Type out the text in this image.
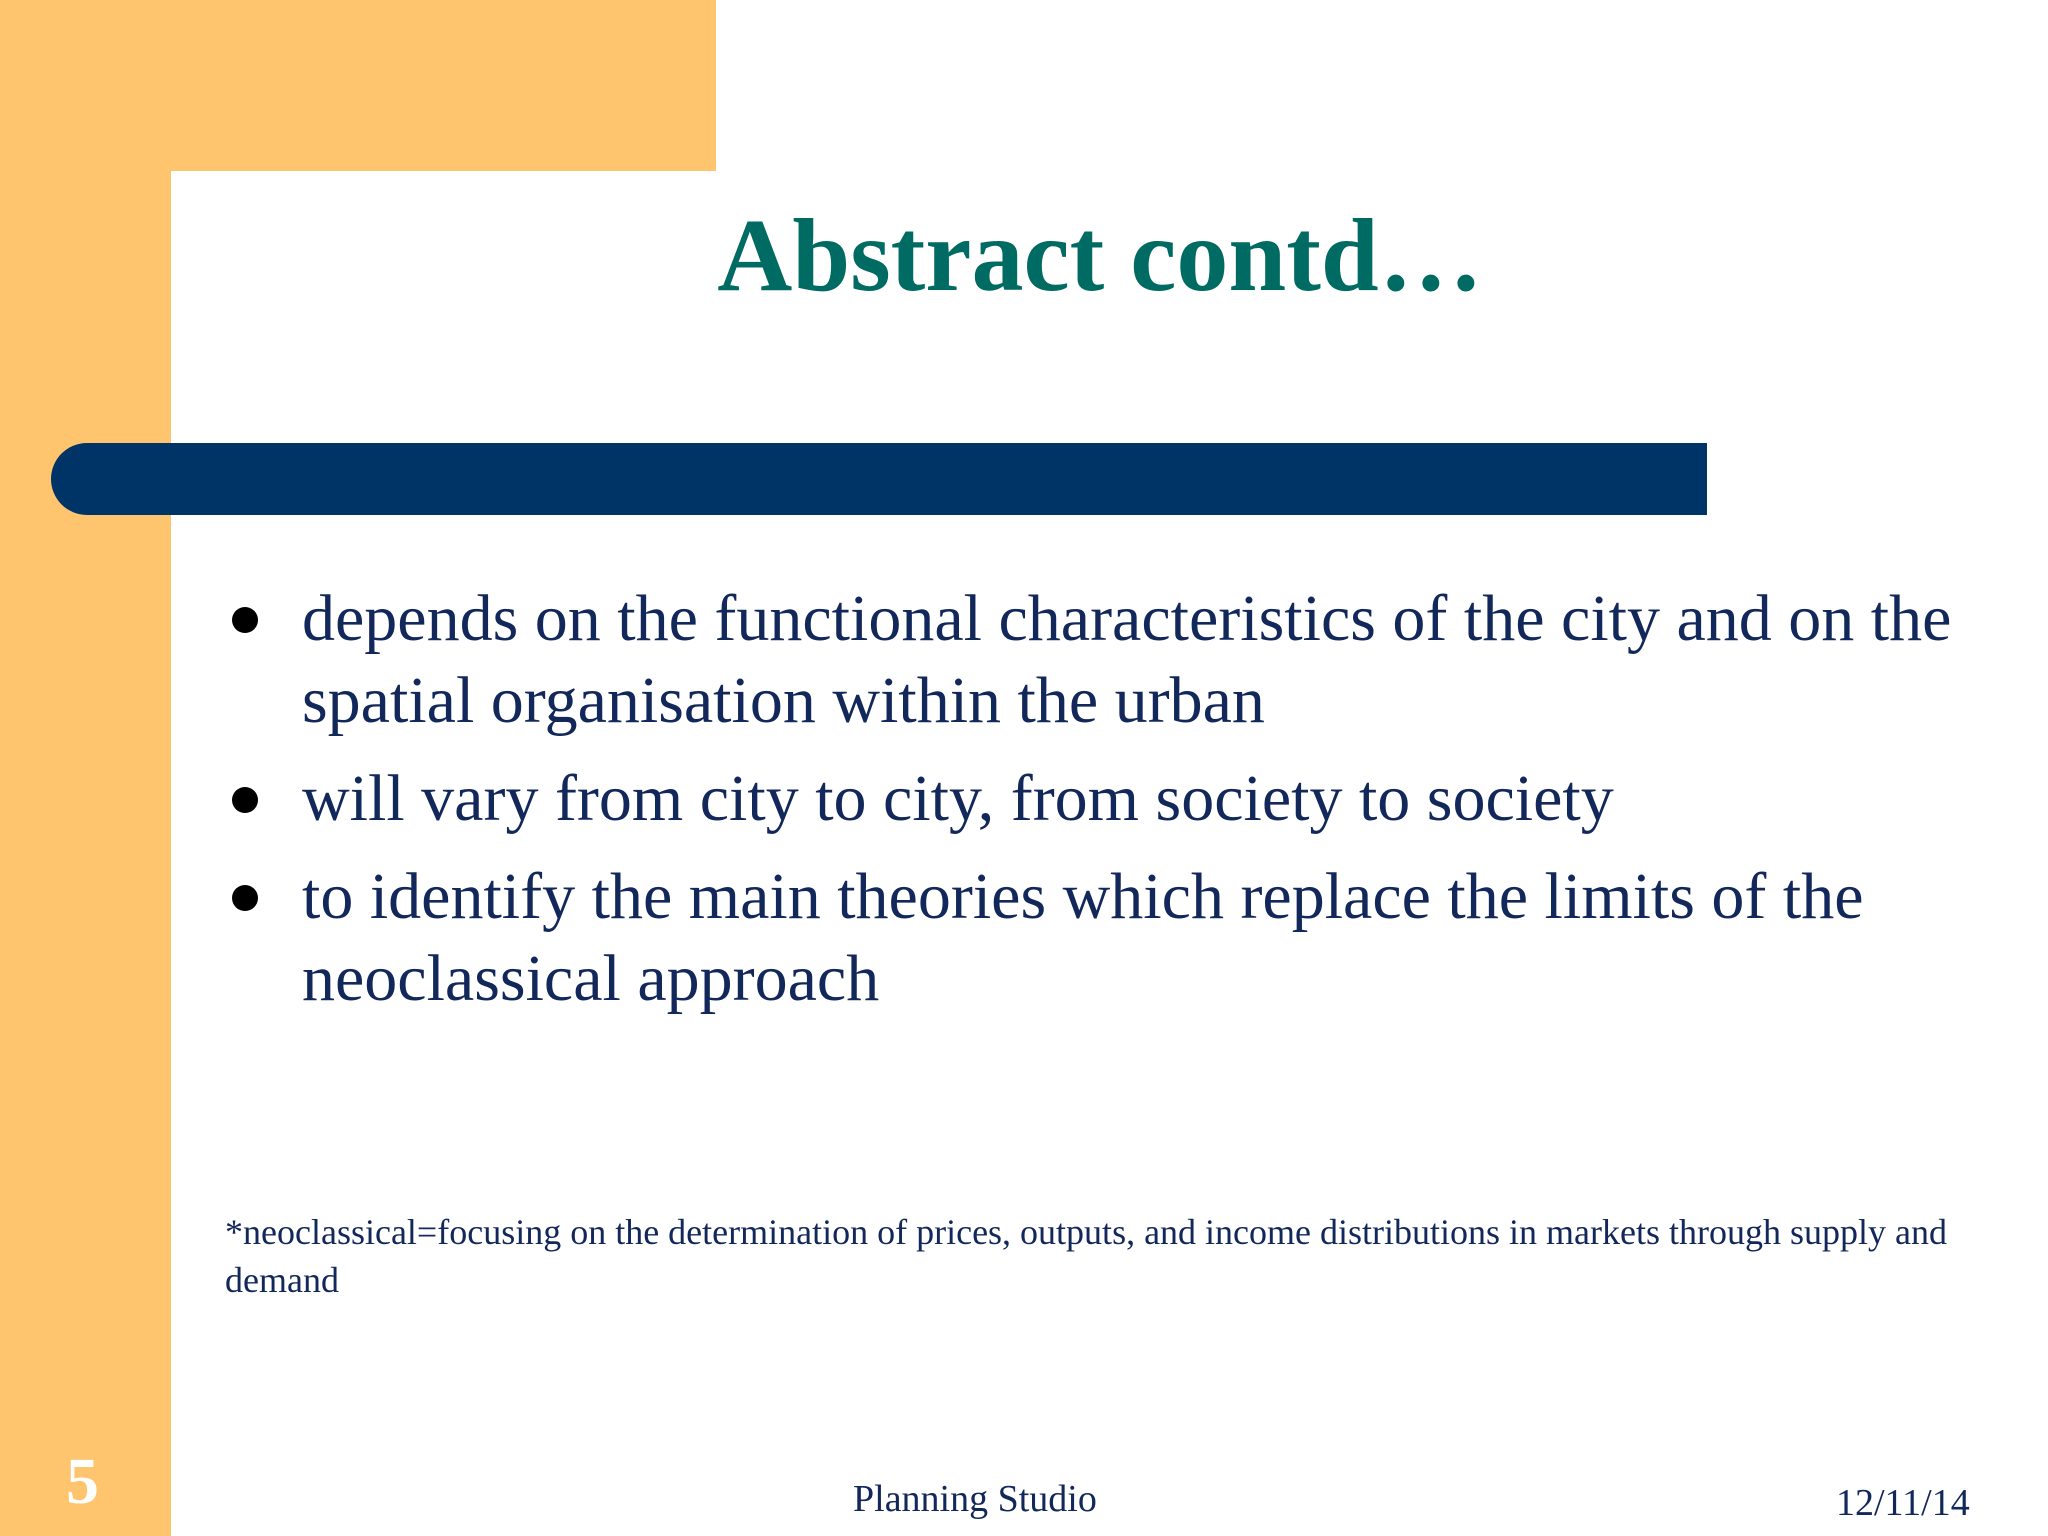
Abstract contd…
depends on the functional characteristics of the city and on the spatial organisation within the urban
will vary from city to city, from society to society
to identify the main theories which replace the limits of the neoclassical approach
*neoclassical=focusing on the determination of prices, outputs, and income distributions in markets through supply and demand
5	Planning Studio	12/11/14
